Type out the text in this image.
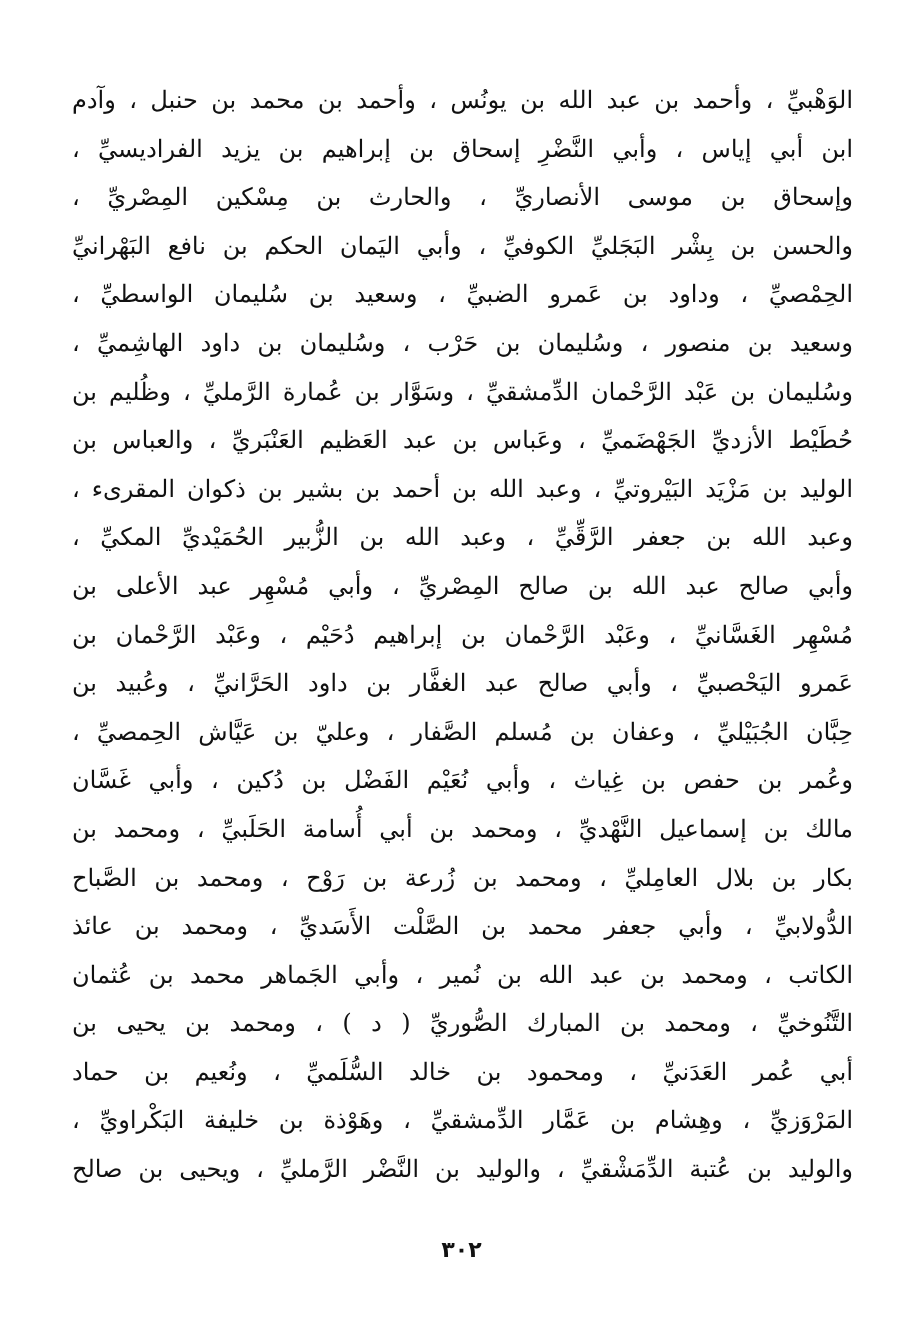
الوَهْبيِّ ، وأحمد بن عبد الله بن يونُس ، وأحمد بن محمد بن حنبل ، وآدم
ابن أبي إياس ، وأبي النَّضْرِ إسحاق بن إبراهيم بن يزيد الفراديسيِّ ،
وإسحاق بن موسى الأنصاريِّ ، والحارث بن مِسْكين المِصْريِّ ،
والحسن بن بِشْر البَجَليِّ الكوفيِّ ، وأبي اليَمان الحكم بن نافع البَهْرانيِّ
الحِمْصيِّ ، وداود بن عَمرو الضبيِّ ، وسعيد بن سُليمان الواسطيِّ ،
وسعيد بن منصور ، وسُليمان بن حَرْب ، وسُليمان بن داود الهاشِميِّ ،
وسُليمان بن عَبْد الرَّحْمان الدِّمشقيِّ ، وسَوَّار بن عُمارة الرَّمليِّ ، وظُليم بن
حُطَيْط الأزديِّ الجَهْضَميِّ ، وعَباس بن عبد العَظيم العَنْبَريِّ ، والعباس بن
الوليد بن مَزْيَد البَيْروتيِّ ، وعبد الله بن أحمد بن بشير بن ذكوان المقرىء ،
وعبد الله بن جعفر الرَّقِّيِّ ، وعبد الله بن الزُّبير الحُمَيْديِّ المكيِّ ،
وأبي صالح عبد الله بن صالح المِصْريِّ ، وأبي مُسْهِر عبد الأعلى بن
مُسْهِر الغَسَّانيِّ ، وعَبْد الرَّحْمان بن إبراهيم دُحَيْم ، وعَبْد الرَّحْمان بن
عَمرو اليَحْصبيِّ ، وأبي صالح عبد الغفَّار بن داود الحَرَّانيِّ ، وعُبيد بن
حِبَّان الجُبَيْليِّ ، وعفان بن مُسلم الصَّفار ، وعليّ بن عَيَّاش الحِمصيِّ ،
وعُمر بن حفص بن غِياث ، وأبي نُعَيْم الفَضْل بن دُكين ، وأبي غَسَّان
مالك بن إسماعيل النَّهْديِّ ، ومحمد بن أبي أُسامة الحَلَبيِّ ، ومحمد بن
بكار بن بلال العامِليِّ ، ومحمد بن زُرعة بن رَوْح ، ومحمد بن الصَّباح
الدُّولابيِّ ، وأبي جعفر محمد بن الصَّلْت الأَسَديِّ ، ومحمد بن عائذ
الكاتب ، ومحمد بن عبد الله بن نُمير ، وأبي الجَماهر محمد بن عُثمان
التَّنُوخيِّ ، ومحمد بن المبارك الصُّوريِّ ( د ) ، ومحمد بن يحيى بن
أبي عُمر العَدَنيِّ ، ومحمود بن خالد السُّلَميِّ ، ونُعيم بن حماد
المَرْوَزيِّ ، وهِشام بن عَمَّار الدِّمشقيِّ ، وهَوْذة بن خليفة البَكْراويِّ ،
والوليد بن عُتبة الدِّمَشْقيِّ ، والوليد بن النَّضْر الرَّمليِّ ، ويحيى بن صالح
٣٠٢
